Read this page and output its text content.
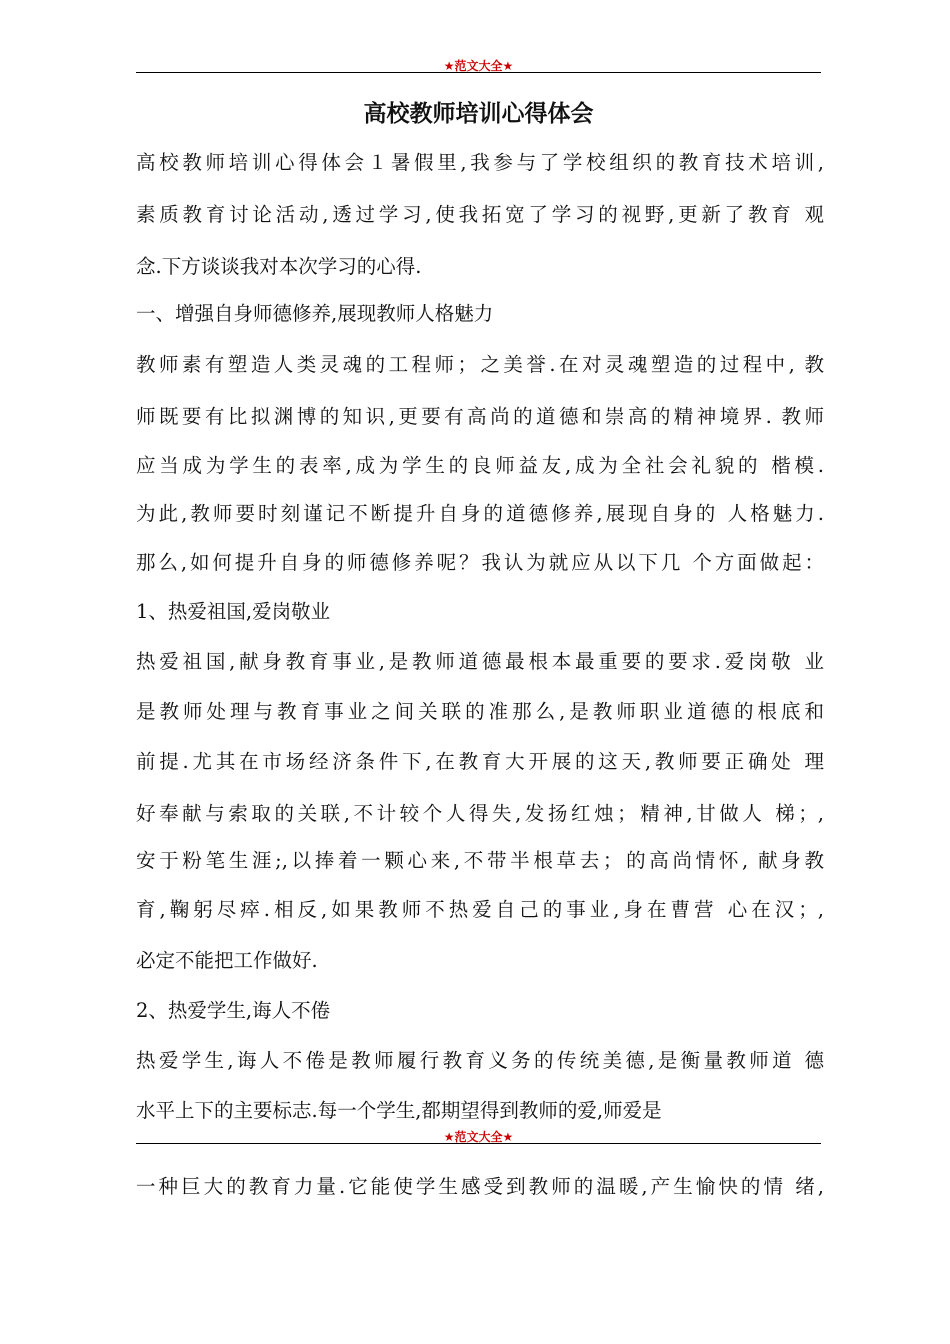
★范文大全★
高校教师培训心得体会
高校教师培训心得体会１暑假里,我参与了学校组织的教育技术培训,
素质教育讨论活动,透过学习,使我拓宽了学习的视野,更新了教育 观
念.下方谈谈我对本次学习的心得.
一、增强自身师德修养,展现教师人格魅力
教师素有塑造人类灵魂的工程师；之美誉.在对灵魂塑造的过程中, 教
师既要有比拟渊博的知识,更要有高尚的道德和崇高的精神境界. 教师
应当成为学生的表率,成为学生的良师益友,成为全社会礼貌的 楷模.
为此,教师要时刻谨记不断提升自身的道德修养,展现自身的 人格魅力.
那么,如何提升自身的师德修养呢？我认为就应从以下几 个方面做起：
1、热爱祖国,爱岗敬业
热爱祖国,献身教育事业,是教师道德最根本最重要的要求.爱岗敬 业
是教师处理与教育事业之间关联的准那么,是教师职业道德的根底和
前提.尤其在市场经济条件下,在教育大开展的这天,教师要正确处 理
好奉献与索取的关联,不计较个人得失,发扬红烛；精神,甘做人 梯；,
安于粉笔生涯;,以捧着一颗心来,不带半根草去；的高尚情怀, 献身教
育,鞠躬尽瘁.相反,如果教师不热爱自己的事业,身在曹营 心在汉；,
必定不能把工作做好.
2、热爱学生,诲人不倦
热爱学生,诲人不倦是教师履行教育义务的传统美德,是衡量教师道 德
水平上下的主要标志.每一个学生,都期望得到教师的爱,师爱是
★范文大全★
一种巨大的教育力量.它能使学生感受到教师的温暖,产生愉快的情 绪,
